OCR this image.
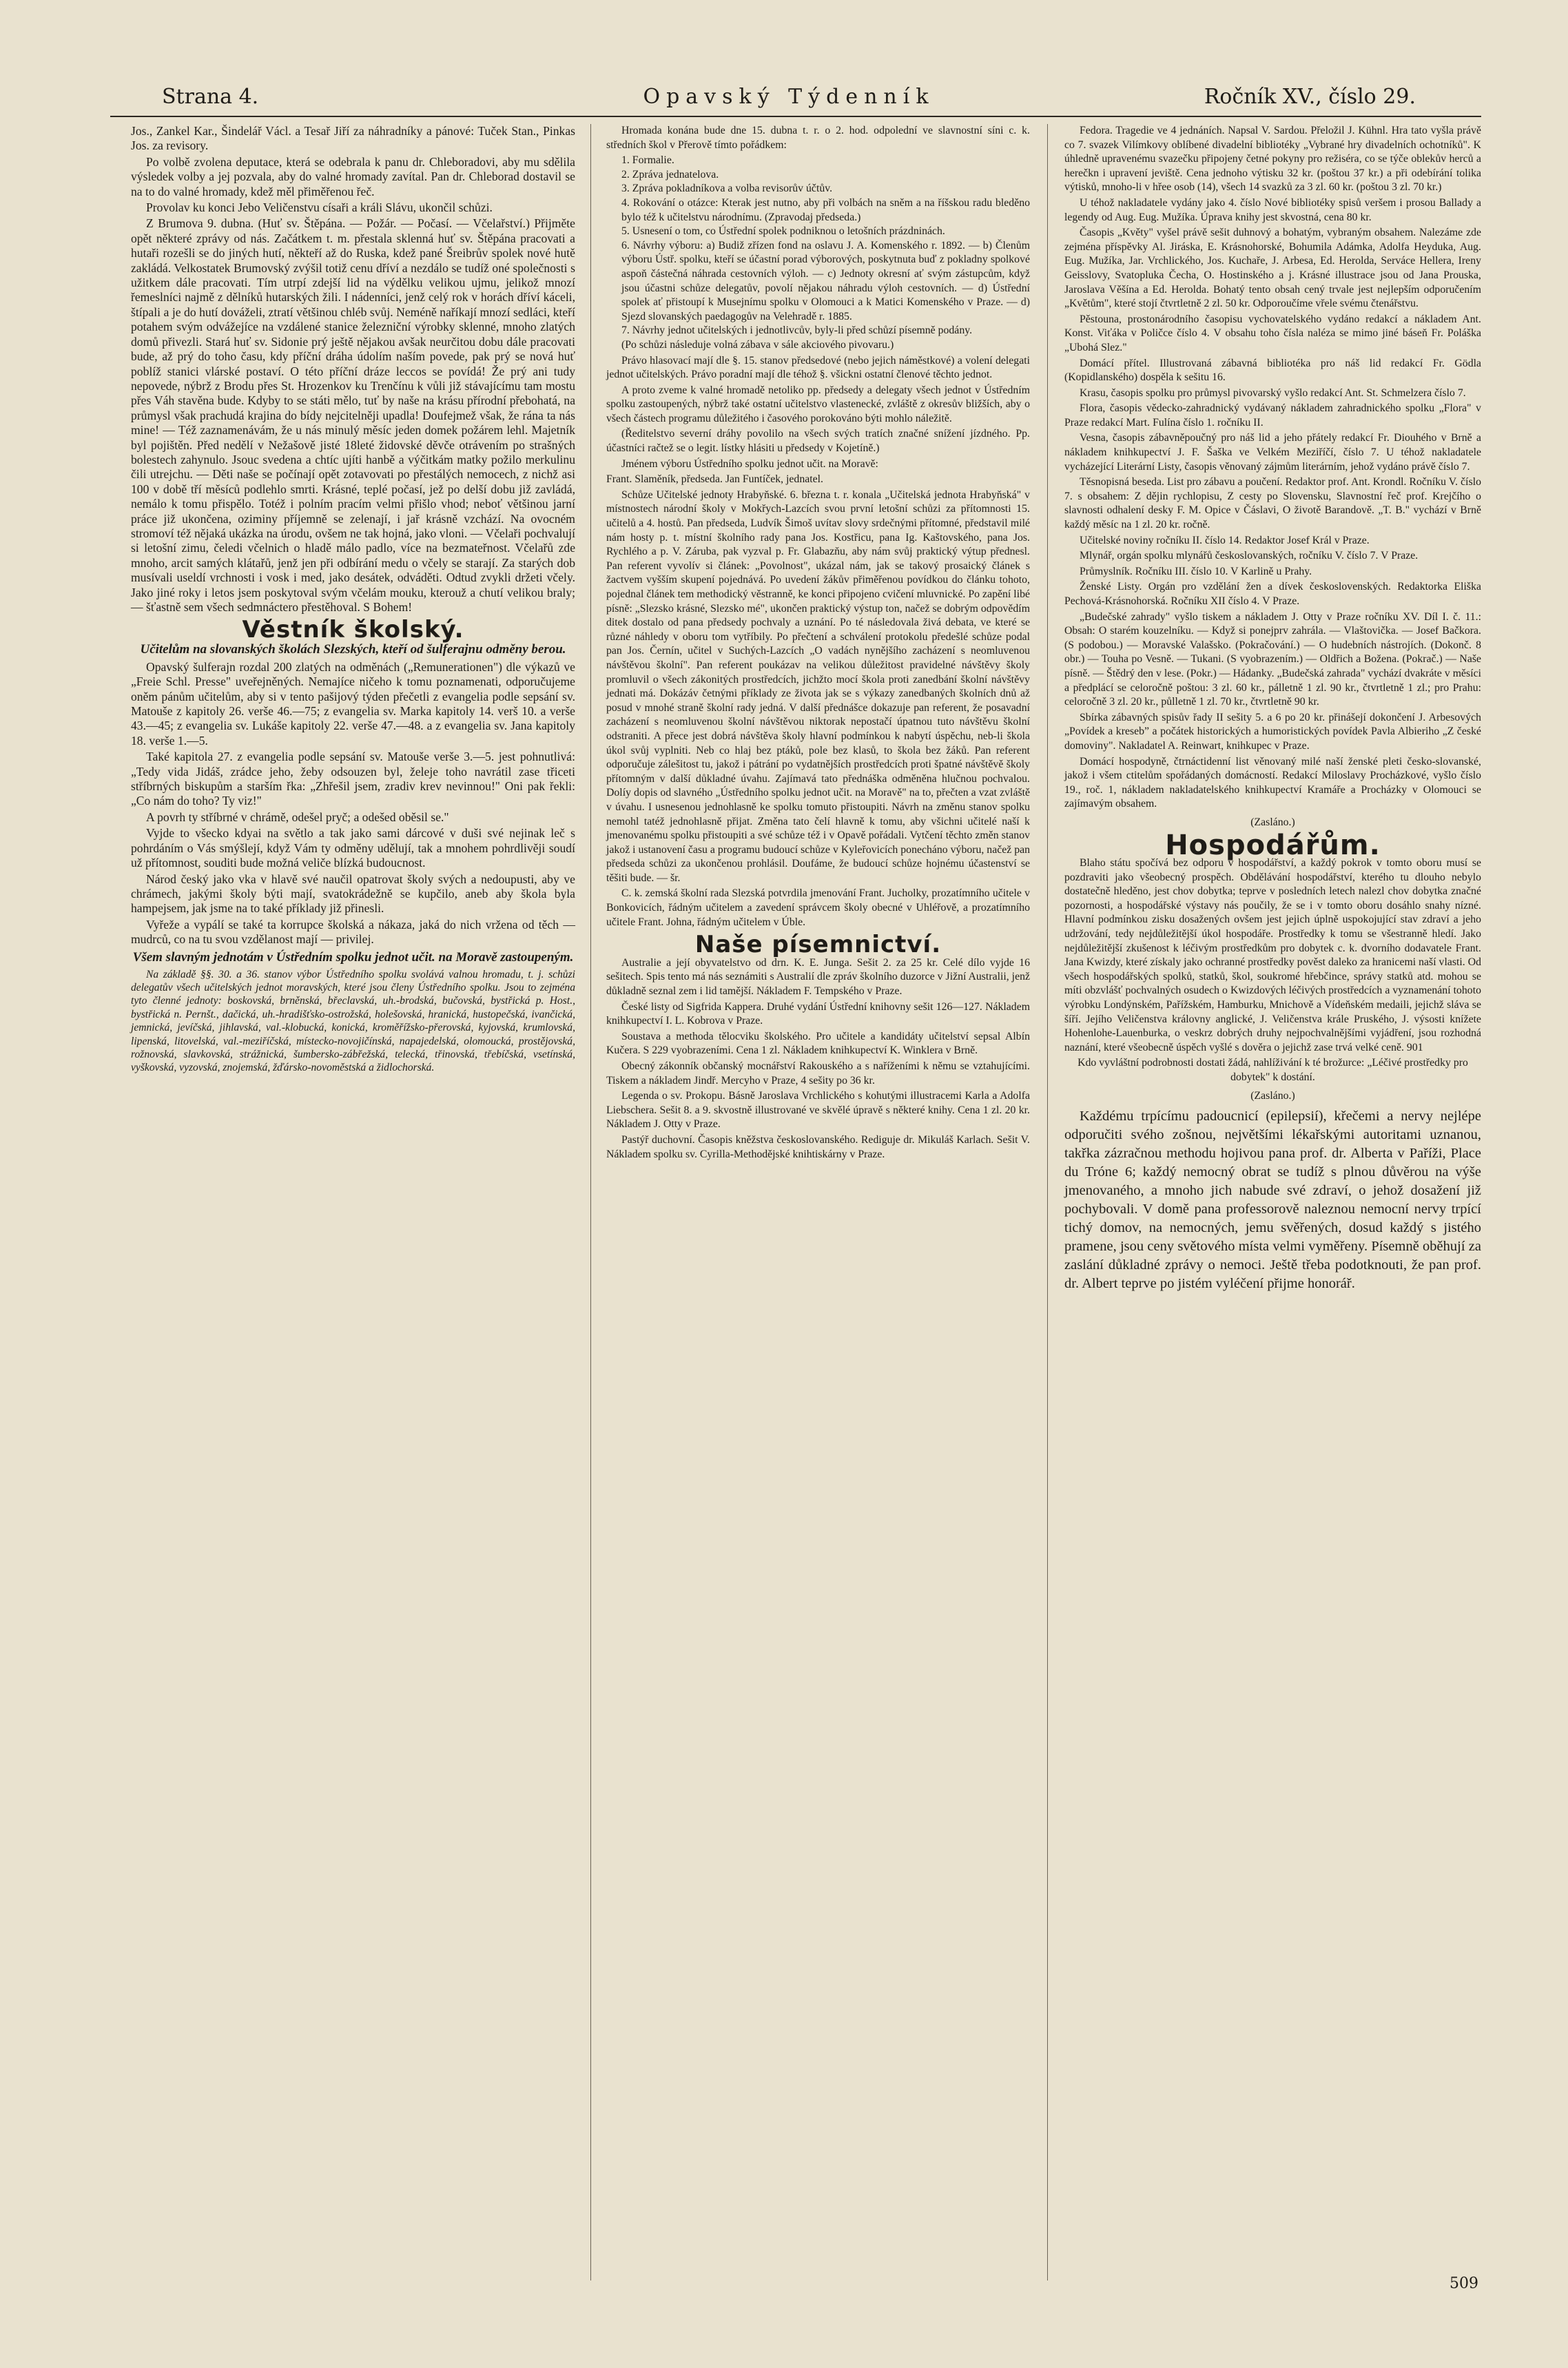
Strana 4.	Opavský Týdenník	Ročník XV., číslo 29.

Jos., Zankel Kar., Šindelář Václ. a Tesař Jiří za náhradníky a pánové: Tuček Stan., Pinkas Jos. za revisory.

Po volbě zvolena deputace, která se odebrala k panu dr. Chleboradovi, aby mu sdělila výsledek volby a jej pozvala, aby do valné hromady zavítal. Pan dr. Chleborad dostavil se na to do valné hromady, kdež měl přiměřenou řeč.

Provolav ku konci Jebo Veličenstvu císaři a králi Slávu, ukončil schůzi.

Z Brumova 9. dubna. (Huť sv. Štěpána. — Požár. — Počasí. — Včelařství.) Přijměte opět některé zprávy od nás. Začátkem t. m. přestala sklenná huť sv. Štěpána pracovati a hutaři rozešli se do jiných hutí, někteří až do Ruska, kdež pané Šreibrův spolek nové hutě zakládá. Velkostatek Brumovský zvýšil totiž cenu dříví a nezdálo se tudíž oné společnosti s užitkem dále pracovati. Tím utrpí zdejší lid na výdělku velikou ujmu, jelikož mnozí řemeslníci najmě z dělníků hutarských žili. I nádenníci, jenž celý rok v horách dříví káceli, štípali a je do hutí dováželi, ztratí většinou chléb svůj. Neméně naříkají mnozí sedláci, kteří potahem svým odvážejíce na vzdálené stanice železniční výrobky sklenné, mnoho zlatých domů přivezli. Stará huť sv. Sidonie prý ještě nějakou avšak neurčitou dobu dále pracovati bude, až prý do toho času, kdy příční dráha údolím naším povede, pak prý se nová huť poblíž stanici vlárské postaví. O této příční dráze leccos se povídá! Že prý ani tudy nepovede, nýbrž z Brodu přes St. Hrozenkov ku Trenčínu k vůli již stávajícímu tam mostu přes Váh stavěna bude. Kdyby to se státi mělo, tuť by naše na krásu přírodní přebohatá, na průmysl však prachudá krajina do bídy nejcitelněji upadla! Doufejmež však, že rána ta nás mine! — Též zaznamenávám, že u nás minulý měsíc jeden domek požárem lehl. Majetník byl pojištěn. Před nedělí v Nežašově jisté 18leté židovské děvče otrávením po strašných bolestech zahynulo. Jsouc svedena a chtíc ujíti hanbě a výčitkám matky požilo merkulinu čili utrejchu. — Děti naše se počínají opět zotavovati po přestálých nemocech, z nichž asi 100 v době tří měsíců podlehlo smrti. Krásné, teplé počasí, jež po delší dobu již zavládá, nemálo k tomu přispělo. Totéž i polním pracím velmi přišlo vhod; neboť většinou jarní práce již ukončena, oziminy příjemně se zelenají, i jař krásně vzchází. Na ovocném stromoví též nějaká ukázka na úrodu, ovšem ne tak hojná, jako vloni. — Včelaři pochvalují si letošní zimu, čeledi včelnich o hladě málo padlo, více na bezmateřnost. Včelařů zde mnoho, arcit samých klátařů, jenž jen při odbírání medu o včely se starají. Za starých dob musívali useldí vrchnosti i vosk i med, jako desátek, odváděti. Odtud zvykli držeti včely. Jako jiné roky i letos jsem poskytoval svým včelám mouku, kterouž a chutí velikou braly; — šťastně sem všech sedmnáctero přestěhoval. S Bohem!

Věstník školský.
Učitelům na slovanských školách Slezských, kteří od šulferajnu odměny berou.

Opavský šulferajn rozdal 200 zlatých na odměnách („Remunerationen") dle výkazů ve „Freie Schl. Presse" uveřejněných. Nemajíce ničeho k tomu poznamenati, odporučujeme oněm pánům učitelům, aby si v tento pašijový týden přečetli z evangelia podle sepsání sv. Matouše z kapitoly 26. verše 46.—75; z evangelia sv. Marka kapitoly 14. verš 10. a verše 43.—45; z evangelia sv. Lukáše kapitoly 22. verše 47.—48. a z evangelia sv. Jana kapitoly 18. verše 1.—5.

Také kapitola 27. z evangelia podle sepsání sv. Matouše verše 3.—5. jest pohnutlivá: „Tedy vida Jidáš, zrádce jeho, žeby odsouzen byl, želeje toho navrátil zase třiceti stříbrných biskupům a starším řka: „Zhřešil jsem, zradiv krev nevinnou!" Oni pak řekli: „Co nám do toho? Ty viz!"

A povrh ty stříbrné v chrámě, odešel pryč; a odešed oběsil se."

Vyjde to všecko kdyai na světlo a tak jako sami dárcové v duši své nejinak leč s pohrdáním o Vás smýšlejí, když Vám ty odměny udělují, tak a mnohem pohrdlivěji soudí už přítomnost, souditi bude možná veliče blízká budoucnost.

Národ český jako vka v hlavě své naučil opatrovat školy svých a nedoupusti, aby ve chrámech, jakými školy býti mají, svatokrádežně se kupčilo, aneb aby škola byla hampejsem, jak jsme na to také příklady již přinesli.

Vyřeže a vypálí se také ta korrupce školská a nákaza, jaká do nich vržena od těch — mudrců, co na tu svou vzdělanost mají — privilej.

Všem slavným jednotám v Ústředním spolku jednot učit. na Moravě zastoupeným.

Na základě §§. 30. a 36. stanov výbor Ústředního spolku svolává valnou hromadu, t. j. schůzi delegatův všech učitelských jednot moravských, které jsou členy Ústředního spolku. Jsou to zejména tyto členné jednoty: boskovská, brněnská, břeclavská, uh.-brodská, bučovská, bystřická p. Host., bystřická n. Pernšt., dačická, uh.-hradišťsko-ostrožská, holešovská, hranická, hustopečská, ivančická, jemnická, jevíčská, jihlavská, val.-klobucká, konická, kroměřížsko-přerovská, kyjovská, krumlovská, lipenská, litovelská, val.-meziříčská, místecko-novojičínská, napajedelská, olomoucká, prostějovská, rožnovská, slavkovská, strážnická, šumbersko-zábřežská, telecká, třinovská, třebíčská, vsetínská, vyškovská, vyzovská, znojemská, žďársko-novoměstská a židlochorská.

Hromada konána bude dne 15. dubna t. r. o 2. hod. odpolední ve slavnostní síni c. k. středních škol v Přerově tímto pořádkem:

1. Formalie.
2. Zpráva jednatelova.
3. Zpráva pokladníkova a volba revisorův účtův.
4. Rokování o otázce: Kterak jest nutno, aby při volbách na sněm a na říšskou radu bleděno bylo též k učitelstvu národnímu. (Zpravodaj předseda.)
5. Usnesení o tom, co Ústřední spolek podniknou o letošních prázdninách.
6. Návrhy výboru: a) Budiž zřízen fond na oslavu J. A. Komenského r. 1892. — b) Členům výboru Ústř. spolku, kteří se účastní porad výborových, poskytnuta buď z pokladny spolkové aspoň částečná náhrada cestovních výloh. — c) Jednoty okresní ať svým zástupcům, když jsou účastni schůze delegatův, povolí nějakou náhradu výloh cestovních. — d) Ústřední spolek ať přistoupí k Musejnímu spolku v Olomouci a k Matici Komenského v Praze. — d) Sjezd slovanských paedagogův na Velehradě r. 1885.
7. Návrhy jednot učitelských i jednotlivcův, byly-li před schůzí písemně podány.

(Po schůzi následuje volná zábava v sále akciového pivovaru.)

Právo hlasovací mají dle §. 15. stanov předsedové (nebo jejich náměstkové) a volení delegati jednot učitelských. Právo poradní mají dle téhož §. všickni ostatní členové těchto jednot.

A proto zveme k valné hromadě netoliko pp. předsedy a delegaty všech jednot v Ústředním spolku zastoupených, nýbrž také ostatní učitelstvo vlastenecké, zvláště z okresův bližších, aby o všech částech programu důležitého i časového porokováno býti mohlo náležitě.

(Ředitelstvo severní dráhy povolilo na všech svých tratích značné snížení jízdného. Pp. účastníci račtež se o legit. lístky hlásiti u předsedy v Kojetíně.)

Jménem výboru Ústředního spolku jednot učit. na Moravě:

Frant. Slaměník, předseda. Jan Funtíček, jednatel.

Schůze Učitelské jednoty Hrabyňské. 6. března t. r. konala „Učitelská jednota Hrabyňská" v místnostech národní školy v Mokřych-Lazcích svou první letošní schůzi za přítomnosti 15. učitelů a 4. hostů. Pan předseda, Ludvík Šimoš uvítav slovy srdečnými přítomné, představil milé nám hosty p. t. místní školního rady pana Jos. Kostřicu, pana Ig. Kaštovského, pana Jos. Rychlého a p. V. Záruba, pak vyzval p. Fr. Glabazňu, aby nám svůj praktický výtup přednesl. Pan referent vyvolív si článek: „Povolnost", ukázal nám, jak se takový prosaický článek s žactvem vyšším skupení pojednává. Po uvedení žákův přiměřenou povídkou do článku tohoto, pojednal článek tem methodický věstranně, ke konci připojeno cvičení mluvnické. Po zapění libé písně: „Slezsko krásné, Slezsko mé", ukončen praktický výstup ton, načež se dobrým odpovědím ditek dostalo od pana předsedy pochvaly a uznání. Po té následovala živá debata, ve které se různé náhledy v oboru tom vytříbily. Po přečtení a schválení protokolu předešlé schůze podal pan Jos. Černín, učitel v Suchých-Lazcích „O vadách nynějšího zacházení s neomluvenou návštěvou školní". Pan referent poukázav na velikou důležitost pravidelné návštěvy školy promluvil o všech zákonitých prostředcích, jichžto mocí škola proti zanedbání školní návštěvy jednati má. Dokázáv četnými příklady ze života jak se s výkazy zanedbaných školních dnů až posud v mnohé straně školní rady jedná. V další přednášce dokazuje pan referent, že posavadní zacházení s neomluvenou školní návštěvou niktorak nepostačí úpatnou tuto návštěvu školní odstraniti. A přece jest dobrá návštěva školy hlavní podmínkou k nabytí úspěchu, neb-li škola úkol svůj vyplniti. Neb co hlaj bez ptáků, pole bez klasů, to škola bez žáků. Pan referent odporučuje zálešitost tu, jakož i pátrání po vydatnějších prostředcích proti špatné návštěvě školy přítomným v další důkladné úvahu. Zajímavá tato přednáška odměněna hlučnou pochvalou. Dolíy dopis od slavného „Ústředního spolku jednot učit. na Moravě" na to, přečten a vzat zvláště v úvahu. I usnesenou jednohlasně ke spolku tomuto přistoupiti. Návrh na změnu stanov spolku nemohl tatéž jednohlasně přijat. Změna tato čelí hlavně k tomu, aby všichni učitelé naší k jmenovanému spolku přistoupiti a své schůze též i v Opavě pořádali. Vytčení těchto změn stanov jakož i ustanovení času a programu budoucí schůze v Kyleřovicích ponecháno výboru, načež pan předseda schůzi za ukončenou prohlásil. Doufáme, že budoucí schůze hojnému účastenství se těšiti bude. — šr.

C. k. zemská školní rada Slezská potvrdila jmenování Frant. Jucholky, prozatímního učitele v Bonkovicích, řádným učitelem a zavedení správcem školy obecné v Uhléřově, a prozatímního učitele Frant. Johna, řádným učitelem v Úble.

Naše písemnictví.

Australie a její obyvatelstvo od drn. K. E. Junga. Sešit 2. za 25 kr. Celé dílo vyjde 16 sešitech. Spis tento má nás seznámiti s Australií dle zpráv školního duzorce v Jižní Australii, jenž důkladně seznal zem i lid tamější. Nákladem F. Tempského v Praze.

České listy od Sigfrida Kappera. Druhé vydání Ústřední knihovny sešit 126—127. Nákladem knihkupectví I. L. Kobrova v Praze.

Soustava a methoda tělocviku školského. Pro učitele a kandidáty učitelství sepsal Albín Kučera. S 229 vyobrazeními. Cena 1 zl. Nákladem knihkupectví K. Winklera v Brně.

Obecný zákonník občanský mocnářství Rakouského a s naříženími k němu se vztahujícími. Tiskem a nákladem Jindř. Mercyho v Praze, 4 sešity po 36 kr.

Legenda o sv. Prokopu. Básně Jaroslava Vrchlického s kohutými illustracemi Karla a Adolfa Liebschera. Sešit 8. a 9. skvostně illustrované ve skvělé úpravě s některé knihy. Cena 1 zl. 20 kr. Nákladem J. Otty v Praze.

Pastýř duchovní. Časopis kněžstva českoslovanského. Rediguje dr. Mikuláš Karlach. Sešit V. Nákladem spolku sv. Cyrilla-Methodějské knihtiskárny v Praze.

Fedora. Tragedie ve 4 jednáních. Napsal V. Sardou. Přeložil J. Kühnl. Hra tato vyšla právě co 7. svazek Vilímkovy oblíbené divadelní bibliotéky „Vybrané hry divadelních ochotníků". K úhledně upravenému svazečku připojeny četné pokyny pro režiséra, co se týče oblekův herců a herečkn i upravení jeviště. Cena jednoho výtisku 32 kr. (poštou 37 kr.) a při odebírání tolika výtisků, mnoho-li v hřee osob (14), všech 14 svazků za 3 zl. 60 kr. (poštou 3 zl. 70 kr.)

U téhož nakladatele vydány jako 4. číslo Nové bibliotéky spisů veršem i prosou Ballady a legendy od Aug. Eug. Mužíka. Úprava knihy jest skvostná, cena 80 kr.

Časopis „Květy" vyšel právě sešit duhnový a bohatým, vybraným obsahem. Nalezáme zde zejména příspěvky Al. Jiráska, E. Krásnohorské, Bohumila Adámka, Adolfa Heyduka, Aug. Eug. Mužíka, Jar. Vrchlického, Jos. Kuchaře, J. Arbesa, Ed. Herolda, Serváce Hellera, Ireny Geisslovy, Svatopluka Čecha, O. Hostinského a j. Krásné illustrace jsou od Jana Prouska, Jaroslava Věšína a Ed. Herolda. Bohatý tento obsah cený trvale jest nejlepším odporučením „Květům", které stojí čtvrtletně 2 zl. 50 kr. Odporoučíme vřele svému čtenářstvu.

Pěstouna, prostonárodního časopisu vychovatelského vydáno redakcí a nákladem Ant. Konst. Viťáka v Poličce číslo 4. V obsahu toho čísla naléza se mimo jiné báseň Fr. Poláška „Ubohá Slez."

Domácí přítel. Illustrovaná zábavná bibliotéka pro náš lid redakcí Fr. Gödla (Kopidlanského) dospěla k sešitu 16.

Krasu, časopis spolku pro průmysl pivovarský vyšlo redakcí Ant. St. Schmelzera číslo 7.

Flora, časopis vědecko-zahradnický vydávaný nákladem zahradnického spolku „Flora" v Praze redakcí Mart. Fulína číslo 1. ročníku II.

Vesna, časopis zábavněpoučný pro náš lid a jeho přátely redakcí Fr. Diouhého v Brně a nákladem knihkupectví J. F. Šaška ve Velkém Meziříčí, číslo 7. U téhož nakladatele vycházející Literární Listy, časopis věnovaný zájmům literárním, jehož vydáno právě číslo 7.

Těsnopisná beseda. List pro zábavu a poučení. Redaktor prof. Ant. Krondl. Ročníku V. číslo 7. s obsahem: Z dějin rychlopisu, Z cesty po Slovensku, Slavnostní řeč prof. Krejčího o slavnosti odhalení desky F. M. Opice v Čáslavi, O životě Barandově. „T. B." vychází v Brně každý měsíc na 1 zl. 20 kr. ročně.

Učitelské noviny ročníku II. číslo 14. Redaktor Josef Král v Praze.

Mlynář, orgán spolku mlynářů českoslovanských, ročníku V. číslo 7. V Praze.

Průmyslník. Ročníku III. číslo 10. V Karlině u Prahy.

Ženské Listy. Orgán pro vzdělání žen a dívek československých. Redaktorka Eliška Pechová-Krásnohorská. Ročníku XII číslo 4. V Praze.

„Budečské zahrady" vyšlo tiskem a nákladem J. Otty v Praze ročníku XV. Díl I. č. 11.: Obsah: O starém kouzelníku. — Když si ponejprv zahrála. — Vlaštovička. — Josef Bačkora. (S podobou.) — Moravské Valašsko. (Pokračování.) — O hudebních nástrojích. (Dokonč. 8 obr.) — Touha po Vesně. — Tukani. (S vyobrazením.) — Oldřich a Božena. (Pokrač.) — Naše písně. — Štědrý den v lese. (Pokr.) — Hádanky. „Budečská zahrada" vychází dvakráte v měsíci a předplácí se celoročně poštou: 3 zl. 60 kr., pálletně 1 zl. 90 kr., čtvrtletně 1 zl.; pro Prahu: celoročně 3 zl. 20 kr., půlletně 1 zl. 70 kr., čtvrtletně 90 kr.

Sbírka zábavných spisův řady II sešity 5. a 6 po 20 kr. přinášejí dokončení J. Arbesových „Povídek a kresebˮ a počátek historických a humoristických povídek Pavla Albieriho „Z české domoviny". Nakladatel A. Reinwart, knihkupec v Praze.

Domácí hospodyně, čtrnáctidenní list věnovaný milé naší ženské pleti česko-slovanské, jakož i všem ctitelům spořádaných domácností. Redakcí Miloslavy Procházkové, vyšlo číslo 19., roč. 1, nákladem nakladatelského knihkupectví Kramáře a Procházky v Olomouci se zajímavým obsahem.

(Zasláno.)
Hospodářům.

Blaho státu spočívá bez odporu v hospodářství, a každý pokrok v tomto oboru musí se pozdraviti jako všeobecný prospěch. Obdělávání hospodářství, kterého tu dlouho nebylo dostatečně hleděno, jest chov dobytka; teprve v posledních letech nalezl chov dobytka značné pozornosti, a hospodářské výstavy nás poučily, že se i v tomto oboru dosáhlo snahy nízné. Hlavní podmínkou zisku dosažených ovšem jest jejich úplně uspokojující stav zdraví a jeho udržování, tedy nejdůležitější úkol hospodáře. Prostředky k tomu se všestranně hledí. Jako nejdůležitější zkušenost k léčivým prostředkům pro dobytek c. k. dvorního dodavatele Frant. Jana Kwizdy, které získaly jako ochranné prostředky pověst daleko za hranicemi naší vlasti. Od všech hospodářských spolků, statků, škol, soukromé hřebčince, správy statků atd. mohou se míti obzvlášť pochvalných osudech o Kwizdových léčivých prostředcích a vyznamenání tohoto výrobku Londýnském, Pařížském, Hamburku, Mnichově a Vídeňském medaili, jejichž sláva se šíří. Jejího Veličenstva královny anglické, J. Veličenstva krále Pruského, J. výsosti knížete Hohenlohe-Lauenburka, o veskrz dobrých druhy nejpochvalnějšími vyjádření, jsou rozhodná naznání, které všeobecně úspěch vyšlé s dověra o jejichž zase trvá velké ceně. 901

Kdo vyvláštní podrobnosti dostati žádá, nahlíživání k té brožurce: „Léčivé prostředky pro dobytek" k dostání.

(Zasláno.)

Každému trpícímu padoucnicí (epilepsií), křečemi a nervy nejlépe odporučiti svého zošnou, největšími lékařskými autoritami uznanou, takřka zázračnou methodu hojivou pana prof. dr. Alberta v Paříži, Place du Tróne 6; každý nemocný obrat se tudíž s plnou důvěrou na výše jmenovaného, a mnoho jich nabude své zdraví, o jehož dosažení již pochybovali. V domě pana professorově naleznou nemocní nervy trpící tichý domov, na nemocných, jemu svěřených, dosud každý s jistého pramene, jsou ceny světového místa velmi vyměřeny. Písemně oběhují za zaslání důkladné zprávy o nemoci. Ještě třeba podotknouti, že pan prof. dr. Albert teprve po jistém vyléčení přijme honorář.

509
